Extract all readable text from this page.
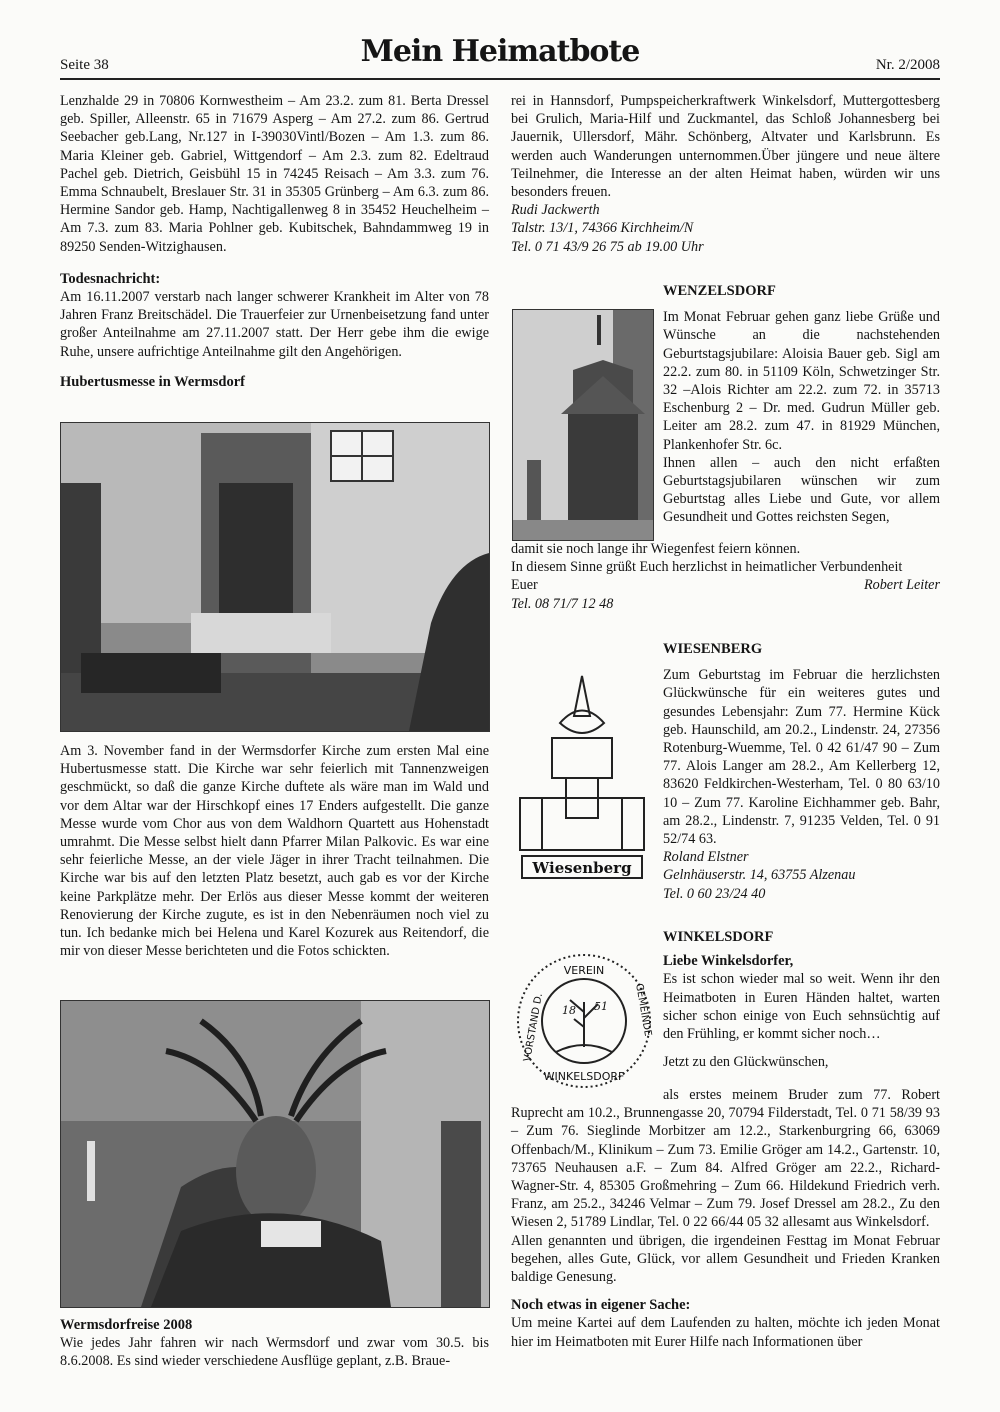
Seite 38	Mein Heimatbote	Nr. 2/2008

Lenzhalde 29 in 70806 Kornwestheim – Am 23.2. zum 81. Berta Dressel geb. Spiller, Alleenstr. 65 in 71679 Asperg – Am 27.2. zum 86. Gertrud Seebacher geb.Lang, Nr.127 in I-39030Vintl/Bozen – Am 1.3. zum 86. Maria Kleiner geb. Gabriel, Wittgendorf – Am 2.3. zum 82. Edeltraud Pachel geb. Dietrich, Geisbühl 15 in 74245 Reisach – Am 3.3. zum 76. Emma Schnaubelt, Breslauer Str. 31 in 35305 Grünberg – Am 6.3. zum 86. Hermine Sandor geb. Hamp, Nachtigallenweg 8 in 35452 Heuchelheim – Am 7.3. zum 83. Maria Pohlner geb. Kubitschek, Bahndammweg 19 in 89250 Senden-Witzighausen.

Todesnachricht:

Am 16.11.2007 verstarb nach langer schwerer Krankheit im Alter von 78 Jahren Franz Breitschädel. Die Trauerfeier zur Urnenbeisetzung fand unter großer Anteilnahme am 27.11.2007 statt. Der Herr gebe ihm die ewige Ruhe, unsere aufrichtige Anteilnahme gilt den Angehörigen.

Hubertusmesse in Wermsdorf

Am 3. November fand in der Wermsdorfer Kirche zum ersten Mal eine Hubertusmesse statt. Die Kirche war sehr feierlich mit Tannenzweigen geschmückt, so daß die ganze Kirche duftete als wäre man im Wald und vor dem Altar war der Hirschkopf eines 17 Enders aufgestellt. Die ganze Messe wurde vom Chor aus von dem Waldhorn Quartett aus Hohenstadt umrahmt. Die Messe selbst hielt dann Pfarrer Milan Palkovic. Es war eine sehr feierliche Messe, an der viele Jäger in ihrer Tracht teilnahmen. Die Kirche war bis auf den letzten Platz besetzt, auch gab es vor der Kirche keine Parkplätze mehr. Der Erlös aus dieser Messe kommt der weiteren Renovierung der Kirche zugute, es ist in den Nebenräumen noch viel zu tun. Ich bedanke mich bei Helena und Karel Kozurek aus Reitendorf, die mir von dieser Messe berichteten und die Fotos schickten.

Wermsdorfreise 2008

Wie jedes Jahr fahren wir nach Wermsdorf und zwar vom 30.5. bis 8.6.2008. Es sind wieder verschiedene Ausflüge geplant, z.B. Braue-

rei in Hannsdorf, Pumpspeicherkraftwerk Winkelsdorf, Muttergottesberg bei Grulich, Maria-Hilf und Zuckmantel, das Schloß Johannesberg bei Jauernik, Ullersdorf, Mähr. Schönberg, Altvater und Karlsbrunn. Es werden auch Wanderungen unternommen.Über jüngere und neue ältere Teilnehmer, die Interesse an der alten Heimat haben, würden wir uns besonders freuen.

Rudi Jackwerth

Talstr. 13/1, 74366 Kirchheim/N

Tel. 0 71 43/9 26 75 ab 19.00 Uhr

WENZELSDORF

Im Monat Februar gehen ganz liebe Grüße und Wünsche an die nachstehenden Geburtstagsjubilare: Aloisia Bauer geb. Sigl am 22.2. zum 80. in 51109 Köln, Schwetzinger Str. 32 –Alois Richter am 22.2. zum 72. in 35713 Eschenburg 2 – Dr. med. Gudrun Müller geb. Leiter am 28.2. zum 47. in 81929 München, Plankenhofer Str. 6c.

Ihnen allen – auch den nicht erfaßten Geburtstagsjubilaren wünschen wir zum Geburtstag alles Liebe und Gute, vor allem Gesundheit und Gottes reichsten Segen,

damit sie noch lange ihr Wiegenfest feiern können.

In diesem Sinne grüßt Euch herzlichst in heimatlicher Verbundenheit

Euer	Robert Leiter

Tel. 08 71/7 12 48

WIESENBERG

Zum Geburtstag im Februar die herzlichsten Glückwünsche für ein weiteres gutes und gesundes Lebensjahr: Zum 77. Hermine Kück geb. Haunschild, am 20.2., Lindenstr. 24, 27356 Rotenburg-Wuemme, Tel. 0 42 61/47 90 – Zum 77. Alois Langer am 28.2., Am Kellerberg 12, 83620 Feldkirchen-Westerham, Tel. 0 80 63/10 10 – Zum 77. Karoline Eichhammer geb. Bahr, am 28.2., Lindenstr. 7, 91235 Velden, Tel. 0 91 52/74 63.

Roland Elstner

Gelnhäuserstr. 14, 63755 Alzenau

Tel. 0 60 23/24 40

Wiesenberg

WINKELSDORF

Liebe Winkelsdorfer,

Es ist schon wieder mal so weit. Wenn ihr den Heimatboten in Euren Händen haltet, warten sicher schon einige von Euch sehnsüchtig auf den Frühling, er kommt sicher noch…

Jetzt zu den Glückwünschen,

VEREIN
WINKELSDORF
VORSTAND D.	GEMEINDE
18 51

als erstes meinem Bruder zum 77. Robert Ruprecht am 10.2., Brunnengasse 20, 70794 Filderstadt, Tel. 0 71 58/39 93 – Zum 76. Sieglinde Morbitzer am 12.2., Starkenburgring 66, 63069 Offenbach/M., Klinikum – Zum 73. Emilie Gröger am 14.2., Gartenstr. 10, 73765 Neuhausen a.F. – Zum 84. Alfred Gröger am 22.2., Richard-Wagner-Str. 4, 85305 Großmehring – Zum 66. Hildekund Friedrich verh. Franz, am 25.2., 34246 Velmar – Zum 79. Josef Dressel am 28.2., Zu den Wiesen 2, 51789 Lindlar, Tel. 0 22 66/44 05 32 allesamt aus Winkelsdorf.

Allen genannten und übrigen, die irgendeinen Festtag im Monat Februar begehen, alles Gute, Glück, vor allem Gesundheit und Frieden Kranken baldige Genesung.

Noch etwas in eigener Sache:

Um meine Kartei auf dem Laufenden zu halten, möchte ich jeden Monat hier im Heimatboten mit Eurer Hilfe nach Informationen über
